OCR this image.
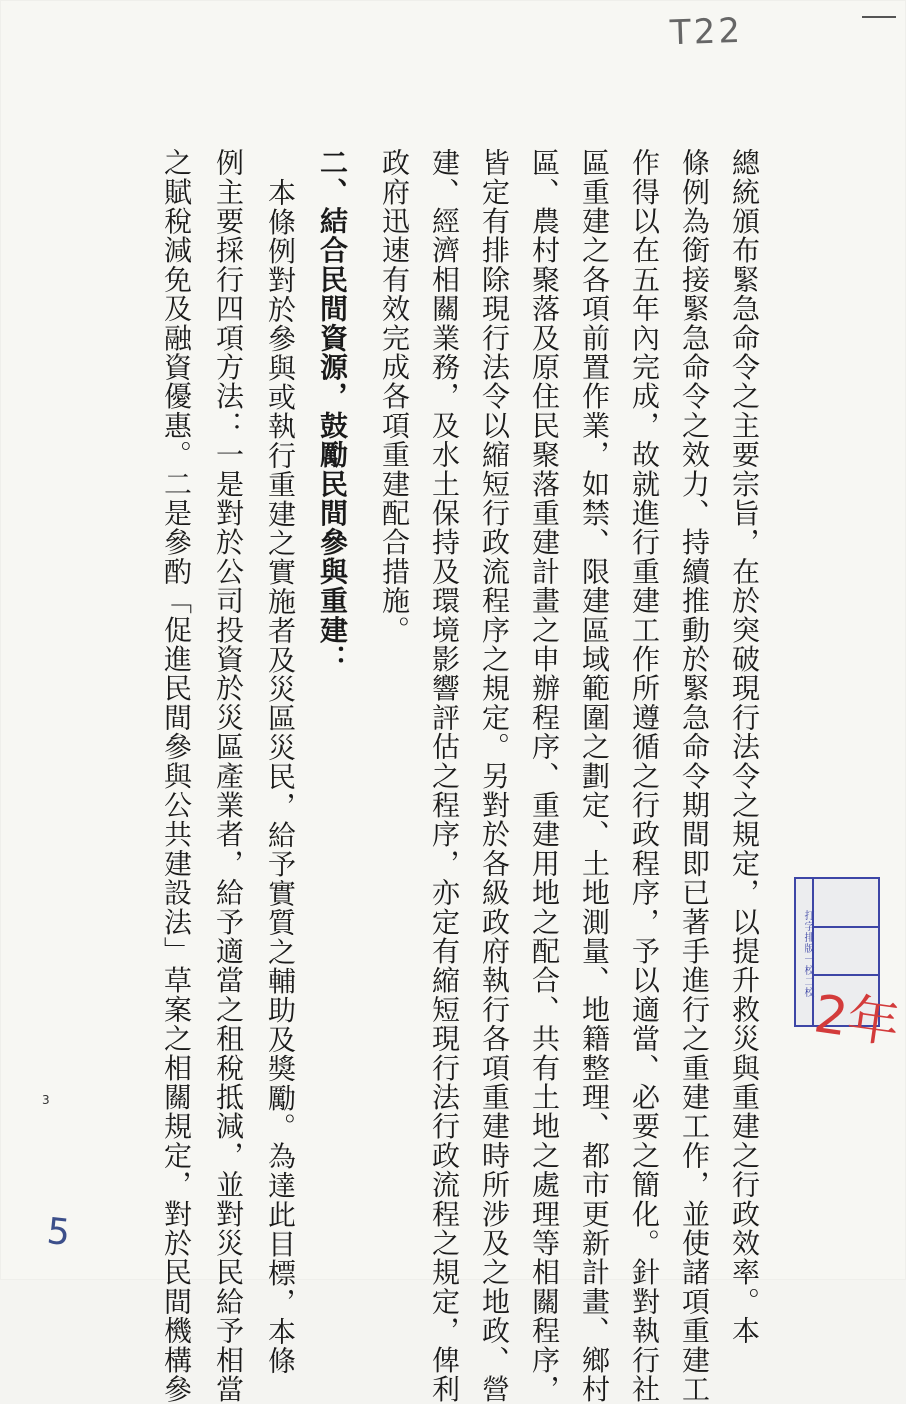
T22
總統頒布緊急命令之主要宗旨，在於突破現行法令之規定，以提升救災與重建之行政效率。本
條例為銜接緊急命令之效力、持續推動於緊急命令期間即已著手進行之重建工作，並使諸項重建工
作得以在五年內完成，故就進行重建工作所遵循之行政程序，予以適當、必要之簡化。針對執行社
區重建之各項前置作業，如禁、限建區域範圍之劃定、土地測量、地籍整理、都市更新計畫、鄉村
區、農村聚落及原住民聚落重建計畫之申辦程序、重建用地之配合、共有土地之處理等相關程序，
皆定有排除現行法令以縮短行政流程序之規定。另對於各級政府執行各項重建時所涉及之地政、營
建、經濟相關業務，及水土保持及環境影響評估之程序，亦定有縮短現行法行政流程之規定，俾利
政府迅速有效完成各項重建配合措施。
二、結合民間資源，鼓勵民間參與重建：
本條例對於參與或執行重建之實施者及災區災民，給予實質之輔助及獎勵。為達此目標，本條
例主要採行四項方法：一是對於公司投資於災區產業者，給予適當之租稅抵減，並對災民給予相當
之賦稅減免及融資優惠。二是參酌「促進民間參與公共建設法」草案之相關規定，對於民間機構參
3
5
打字排版一校二校
2年
